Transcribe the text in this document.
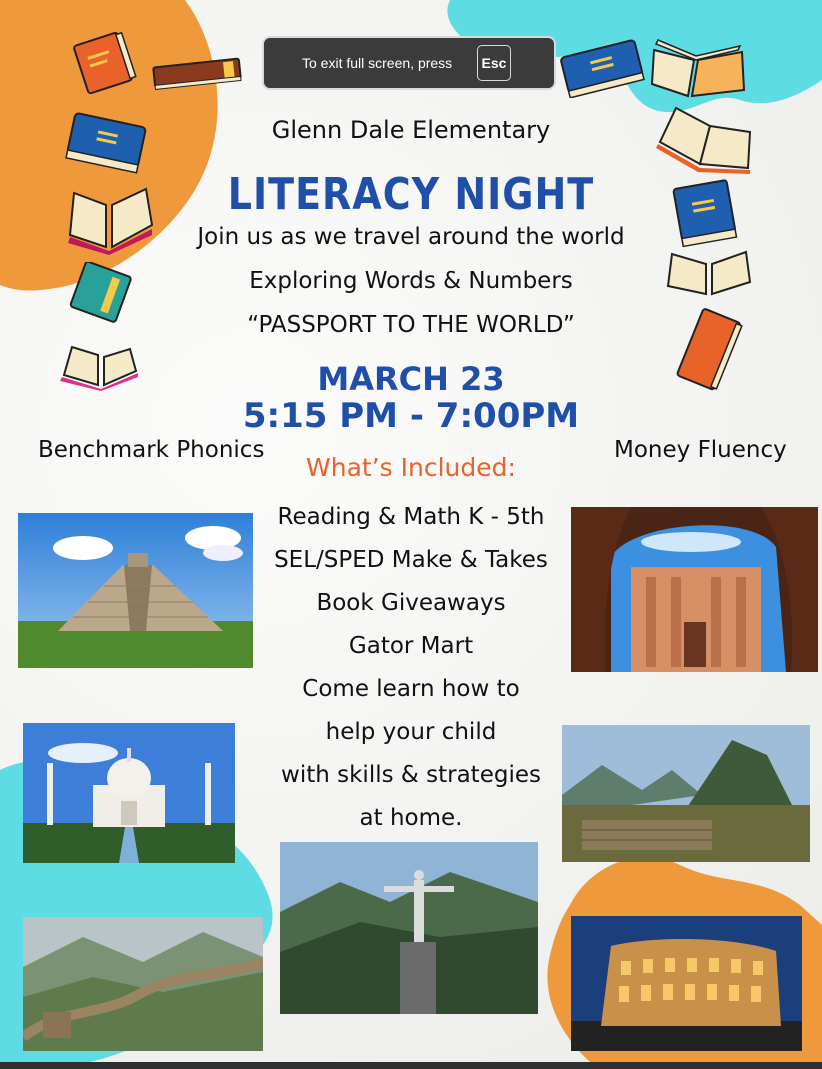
Glenn Dale Elementary
LITERACY NIGHT
Join us as we travel around the world
Exploring Words & Numbers
“PASSPORT TO THE WORLD”
MARCH 23
5:15 PM - 7:00PM
Benchmark Phonics	Money Fluency
What’s Included:
Reading & Math K - 5th
SEL/SPED Make & Takes
Book Giveaways
Gator Mart
Come learn how to
help your child
with skills & strategies
at home.
To exit full screen, press	Esc
